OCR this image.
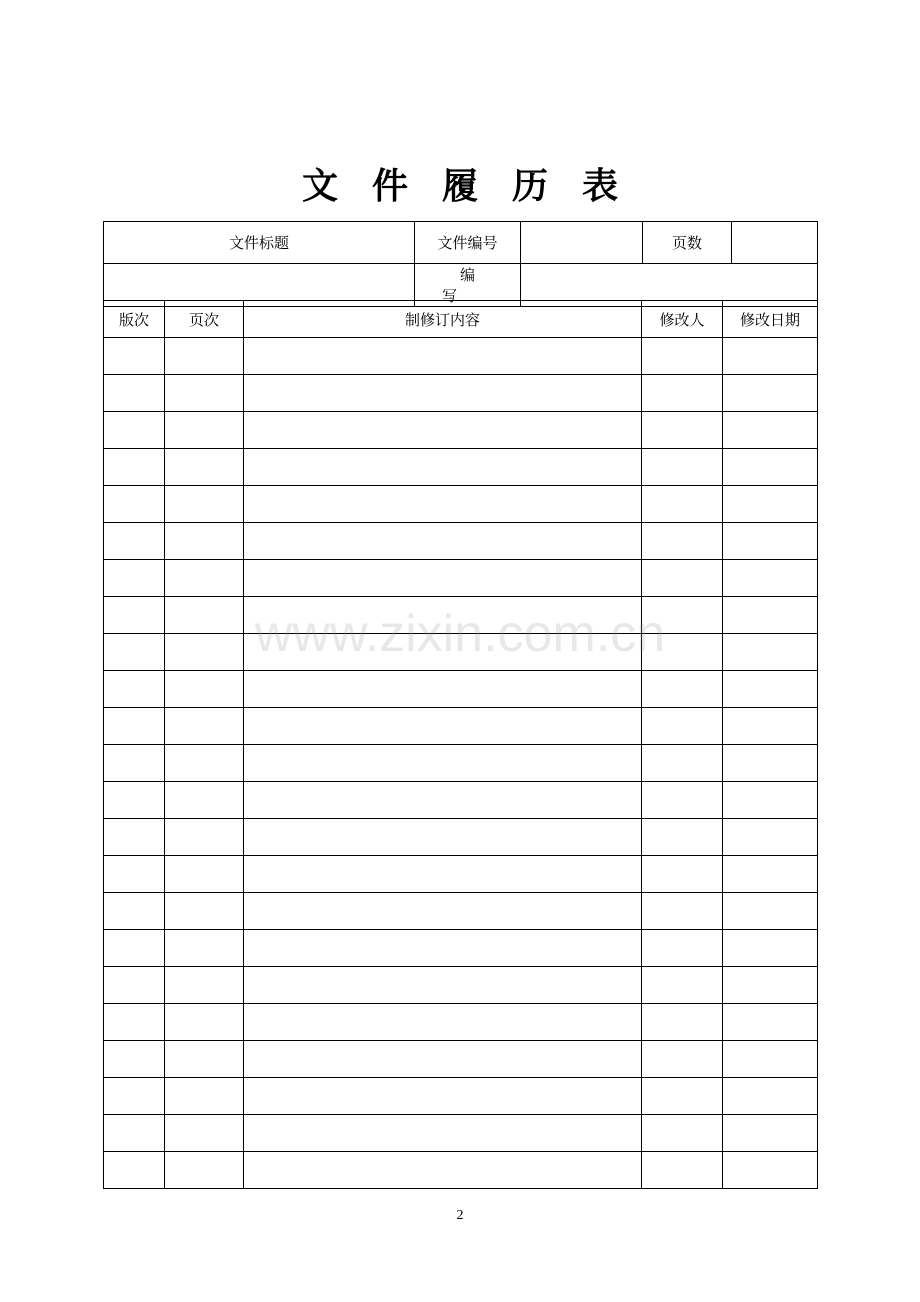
文件履历表
文件标题	文件编号		页数	
	编写			
版次	页次	制修订内容	修改人	修改日期

www.zixin.com.cn
2
